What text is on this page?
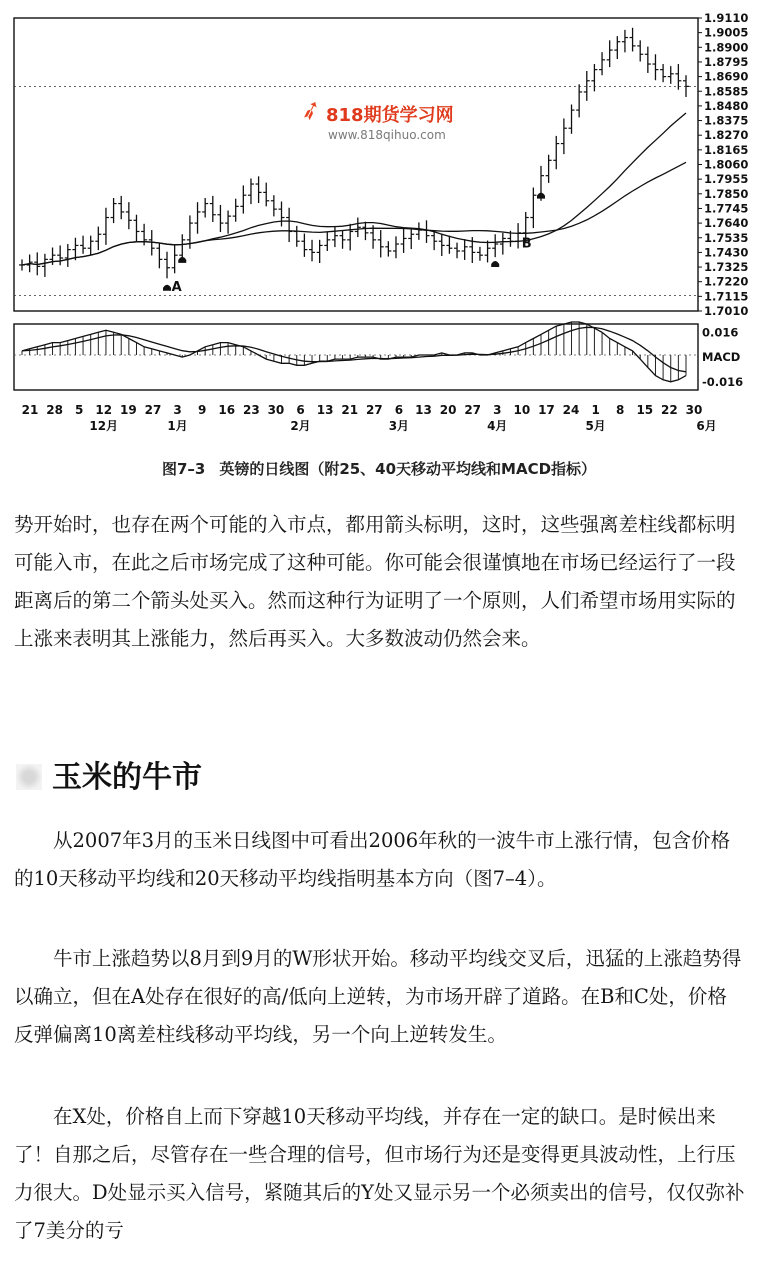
1.9110
1.9005
1.8900
1.8795
1.8690
1.8585
1.8480
1.8375
1.8270
1.8165
1.8060
1.7955
1.7850
1.7745
1.7640
1.7535
1.7430
1.7325
1.7220
1.7115
1.7010
0.016
MACD
-0.016
A
B
21 28 5 12 19 27 3 9 16 23 30 6 13 21 27 6 13 20 27 3 10 17 24 1 8 15 22 30
12月	1月	2月	3月	4月	5月	6月
➶ 818期货学习网
www.818qihuo.com
图7–3 英镑的日线图（附25、40天移动平均线和MACD指标）

势开始时，也存在两个可能的入市点，都用箭头标明，这时，这些强离差柱线都标明可能入市，在此之后市场完成了这种可能。你可能会很谨慎地在市场已经运行了一段距离后的第二个箭头处买入。然而这种行为证明了一个原则，人们希望市场用实际的上涨来表明其上涨能力，然后再买入。大多数波动仍然会来。

玉米的牛市

从2007年3月的玉米日线图中可看出2006年秋的一波牛市上涨行情，包含价格的10天移动平均线和20天移动平均线指明基本方向（图7–4）。

牛市上涨趋势以8月到9月的W形状开始。移动平均线交叉后，迅猛的上涨趋势得以确立，但在A处存在很好的高/低向上逆转，为市场开辟了道路。在B和C处，价格反弹偏离10离差柱线移动平均线，另一个向上逆转发生。

在X处，价格自上而下穿越10天移动平均线，并存在一定的缺口。是时候出来了！自那之后，尽管存在一些合理的信号，但市场行为还是变得更具波动性，上行压力很大。D处显示买入信号，紧随其后的Y处又显示另一个必须卖出的信号，仅仅弥补了7美分的亏
